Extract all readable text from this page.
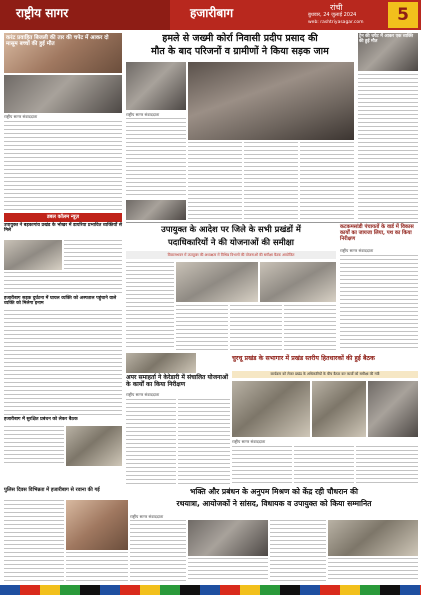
राष्ट्रीय सागर	हजारीबाग	रांची
बुधवार, 24 जुलाई 2024
web: rashtriyasagar.com	5
करंट प्रवाहित बिजली की तार की चपेट में आकर दो मासूम बच्चों की हुई मौत
राष्ट्रीय सागर संवाददाता
डबल कॉलम न्यूज़
उपायुक्त ने बड़कागांव प्रखंड के भोखर में डायरिया प्रभावित व्यक्तियों से मिले
हजारीबाग सड़क दुर्घटना में घायल व्यक्ति को अस्पताल पहुंचाने वाले व्यक्ति को मिलेगा इनाम
हजारीबाग में सुरक्षित प्रबंधन को लेकर बैठक
हमले से जख्मी कोर्रा निवासी प्रदीप प्रसाद की
मौत के बाद परिजनों व ग्रामीणों ने किया सड़क जाम
राष्ट्रीय सागर संवाददाता
ट्रेन की चपेट में आकर एक व्यक्ति की हुई मौत
उपायुक्त के आदेश पर जिले के सभी प्रखंडों में
पदाधिकारियों ने की योजनाओं की समीक्षा
विकासभवन में उपायुक्त की अध्यक्षता में विभिन्न विभागों की योजनाओं की समीक्षा बैठक आयोजित
कटकमसांडी पंचायतों के वार्ड में विकास कार्यों का जायजा लिया, पथ का किया निरीक्षण
राष्ट्रीय सागर संवाददाता
अपर समाहर्ता ने केरेडारी में संचालित योजनाओं के कार्यों का किया निरीक्षण
राष्ट्रीय सागर संवाददाता
चुरचू प्रखंड के सभागार में प्रखंड स्तरीय हितधारकों की हुई बैठक
कार्यक्रम को लेकर प्रखंड के अधिकारियों के बीच बैठक कर कार्यों को समीक्षा की गयी
राष्ट्रीय सागर संवाददाता
पुलिस दिवस विभिन्नता में हजारीबाग से रवाना की गई	भक्ति और प्रबंधन के अनुपम मिश्रण को केंद्र रही चौधरान की
रथयात्रा, आयोजकों ने सांसद, विधायक व उपायुक्त को किया सम्मानित
राष्ट्रीय सागर संवाददाता
